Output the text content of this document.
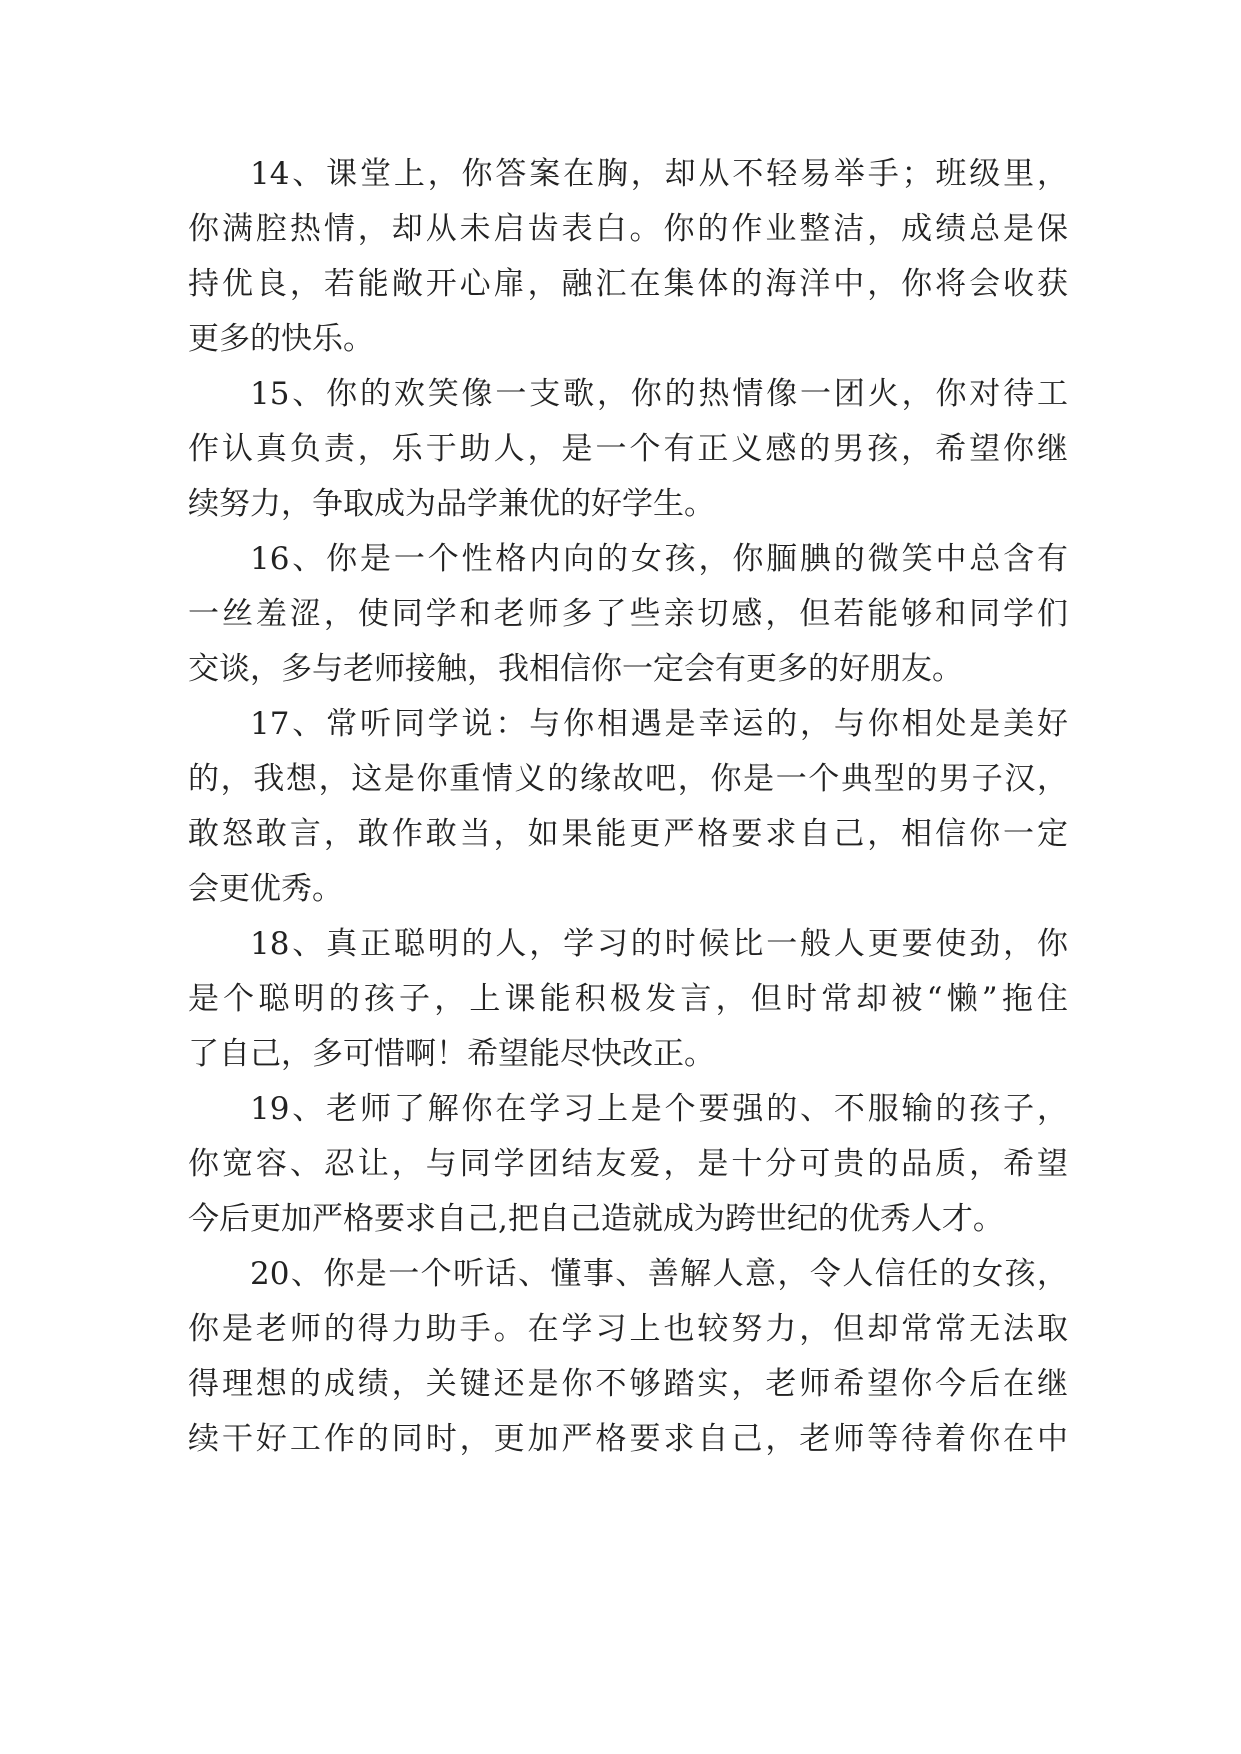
14、课堂上，你答案在胸，却从不轻易举手；班级里，

你满腔热情，却从未启齿表白。你的作业整洁，成绩总是保

持优良，若能敞开心扉，融汇在集体的海洋中，你将会收获

更多的快乐。

15、你的欢笑像一支歌，你的热情像一团火，你对待工

作认真负责，乐于助人，是一个有正义感的男孩，希望你继

续努力，争取成为品学兼优的好学生。

16、你是一个性格内向的女孩，你腼腆的微笑中总含有

一丝羞涩，使同学和老师多了些亲切感，但若能够和同学们

交谈，多与老师接触，我相信你一定会有更多的好朋友。

17、常听同学说：与你相遇是幸运的，与你相处是美好

的，我想，这是你重情义的缘故吧，你是一个典型的男子汉，

敢怒敢言，敢作敢当，如果能更严格要求自己，相信你一定

会更优秀。

18、真正聪明的人，学习的时候比一般人更要使劲，你

是个聪明的孩子，上课能积极发言，但时常却被“懒”拖住

了自己，多可惜啊！希望能尽快改正。

19、老师了解你在学习上是个要强的、不服输的孩子，

你宽容、忍让，与同学团结友爱，是十分可贵的品质，希望

今后更加严格要求自己,把自己造就成为跨世纪的优秀人才。

20、你是一个听话、懂事、善解人意，令人信任的女孩，

你是老师的得力助手。在学习上也较努力，但却常常无法取

得理想的成绩，关键还是你不够踏实，老师希望你今后在继

续干好工作的同时，更加严格要求自己，老师等待着你在中
